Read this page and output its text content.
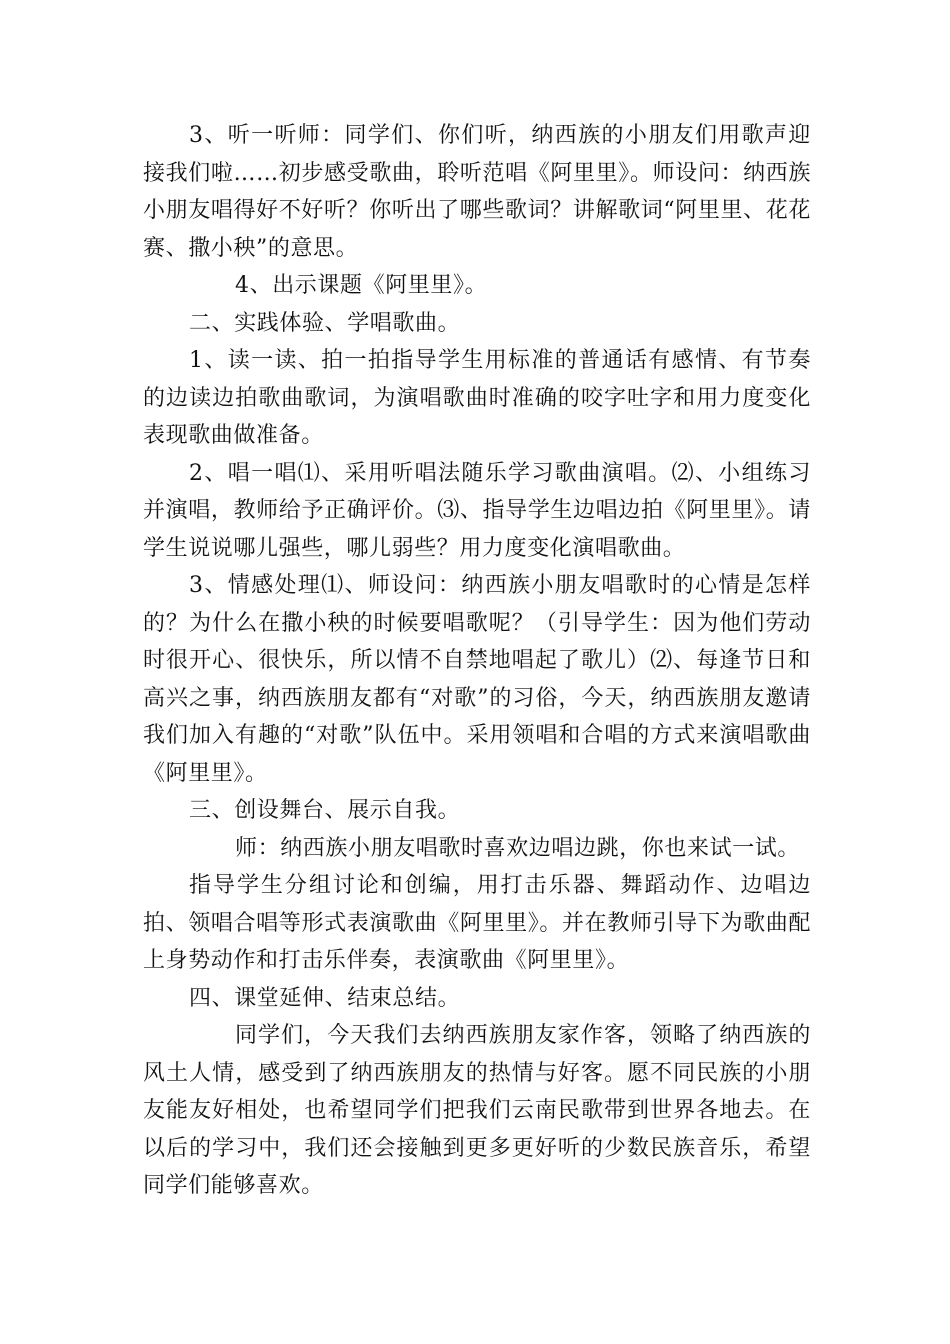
3、听一听师：同学们、你们听，纳西族的小朋友们用歌声迎接我们啦……初步感受歌曲，聆听范唱《阿里里》。师设问：纳西族小朋友唱得好不好听？你听出了哪些歌词？讲解歌词“阿里里、花花赛、撒小秧”的意思。

4、出示课题《阿里里》。

二、实践体验、学唱歌曲。

1、读一读、拍一拍指导学生用标准的普通话有感情、有节奏的边读边拍歌曲歌词，为演唱歌曲时准确的咬字吐字和用力度变化表现歌曲做准备。

2、唱一唱⑴、采用听唱法随乐学习歌曲演唱。⑵、小组练习并演唱，教师给予正确评价。⑶、指导学生边唱边拍《阿里里》。请学生说说哪儿强些，哪儿弱些？用力度变化演唱歌曲。

3、情感处理⑴、师设问：纳西族小朋友唱歌时的心情是怎样的？为什么在撒小秧的时候要唱歌呢？（引导学生：因为他们劳动时很开心、很快乐，所以情不自禁地唱起了歌儿）⑵、每逢节日和高兴之事，纳西族朋友都有“对歌”的习俗，今天，纳西族朋友邀请我们加入有趣的“对歌”队伍中。采用领唱和合唱的方式来演唱歌曲《阿里里》。

三、创设舞台、展示自我。

师：纳西族小朋友唱歌时喜欢边唱边跳，你也来试一试。

指导学生分组讨论和创编，用打击乐器、舞蹈动作、边唱边拍、领唱合唱等形式表演歌曲《阿里里》。并在教师引导下为歌曲配上身势动作和打击乐伴奏，表演歌曲《阿里里》。

四、课堂延伸、结束总结。

同学们，今天我们去纳西族朋友家作客，领略了纳西族的风土人情，感受到了纳西族朋友的热情与好客。愿不同民族的小朋友能友好相处，也希望同学们把我们云南民歌带到世界各地去。在以后的学习中，我们还会接触到更多更好听的少数民族音乐，希望同学们能够喜欢。
